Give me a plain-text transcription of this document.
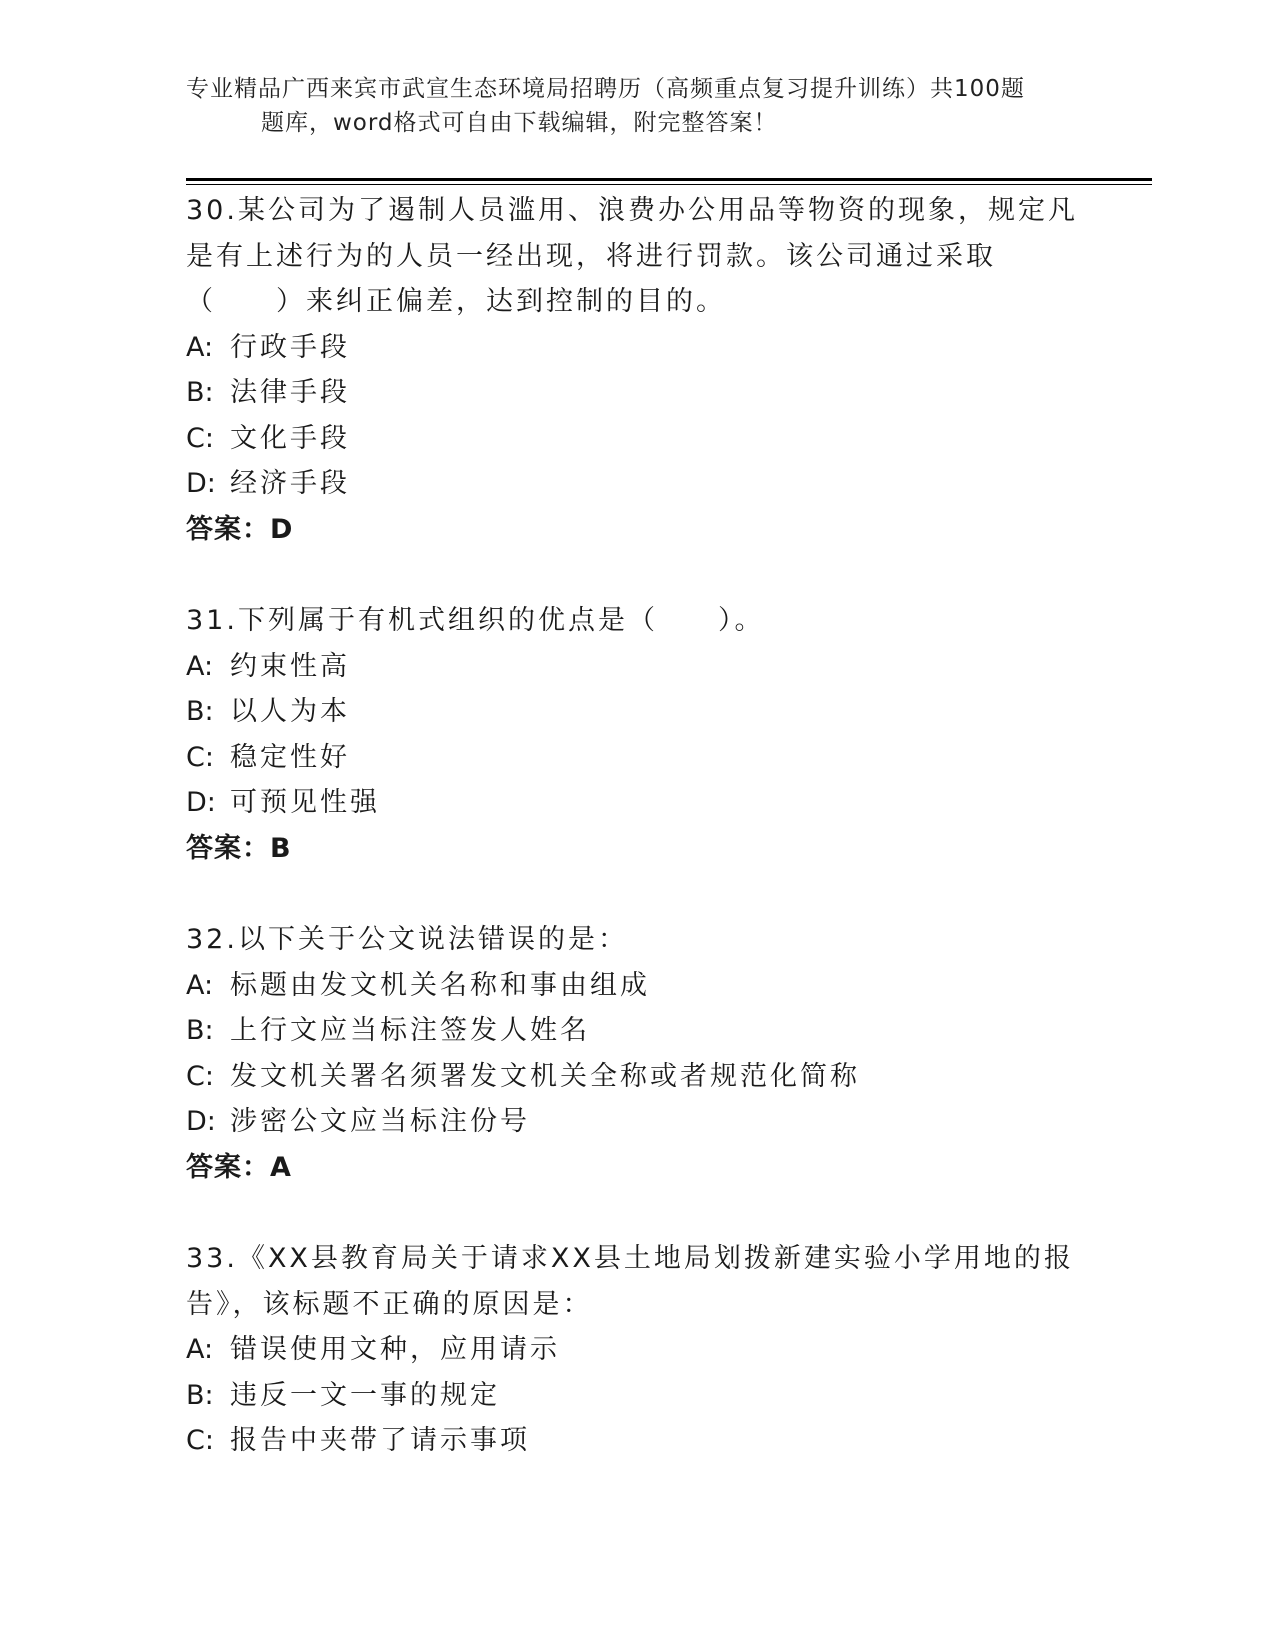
专业精品广西来宾市武宣生态环境局招聘历（高频重点复习提升训练）共100题
题库，word格式可自由下载编辑，附完整答案！
30.某公司为了遏制人员滥用、浪费办公用品等物资的现象，规定凡是有上述行为的人员一经出现，将进行罚款。该公司通过采取（　　）来纠正偏差，达到控制的目的。
A: 行政手段
B: 法律手段
C: 文化手段
D: 经济手段
答案：D
31.下列属于有机式组织的优点是（　　）。
A: 约束性高
B: 以人为本
C: 稳定性好
D: 可预见性强
答案：B
32.以下关于公文说法错误的是：
A: 标题由发文机关名称和事由组成
B: 上行文应当标注签发人姓名
C: 发文机关署名须署发文机关全称或者规范化简称
D: 涉密公文应当标注份号
答案：A
33.《XX县教育局关于请求XX县土地局划拨新建实验小学用地的报告》，该标题不正确的原因是：
A: 错误使用文种，应用请示
B: 违反一文一事的规定
C: 报告中夹带了请示事项
